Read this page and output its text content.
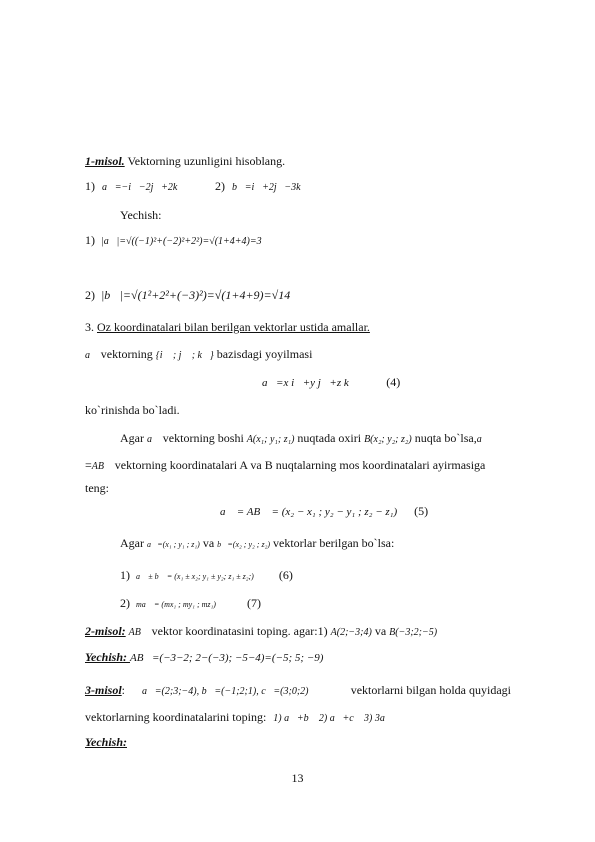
1-misol. Vektorning uzunligini hisoblang.
1) a⃗=−i⃗−2j⃗+2k⃗ 2) b⃗=i⃗+2j⃗−3k⃗
Yechish:
1) |a⃗|=√((−1)²+(−2)²+2²)=√(1+4+4)=3
2) |b⃗|=√(1²+2²+(−3)²)=√(1+4+9)=√14
3. Oz koordinatalari bilan berilgan vektorlar ustida amallar.
a⃗ vektorning {i⃗ ; j⃗ ; k⃗} bazisdagi yoyilmasi
a⃗=x i⃗+y j⃗+z k⃗ (4)
ko`rinishda bo`ladi.
Agar a⃗ vektorning boshi A(x₁; y₁; z₁) nuqtada oxiri B(x₂; y₂; z₂) nuqta bo`lsa,a⃗
=AB⃗ vektorning koordinatalari A va B nuqtalarning mos koordinatalari ayirmasiga
teng:
a⃗ = AB⃗ = (x₂ − x₁ ; y₂ − y₁ ; z₂ − z₁) (5)
Agar a⃗=(x₁ ; y₁ ; z₁) va b⃗=(x₂ ; y₂ ; z₂) vektorlar berilgan bo`lsa:
1) a⃗ ± b⃗ = (x₁ ± x₂; y₁ ± y₂; z₁ ± z₂;) (6)
2) ma⃗ = (mx₁ ; my₁ ; mz₁)	(7)
2-misol: AB⃗ vektor koordinatasini toping. agar:1) A(2;−3;4) va B(−3;2;−5)
Yechish: AB⃗=(−3−2; 2−(−3); −5−4)=(−5; 5; −9)
3-misol: a⃗=(2;3;−4), b⃗=(−1;2;1), c⃗=(3;0;2)	vektorlarni bilgan holda quyidagi
vektorlarning koordinatalarini toping: 1) a⃗+b⃗ 2) a⃗+c⃗ 3) 3a⃗
Yechish:
13
